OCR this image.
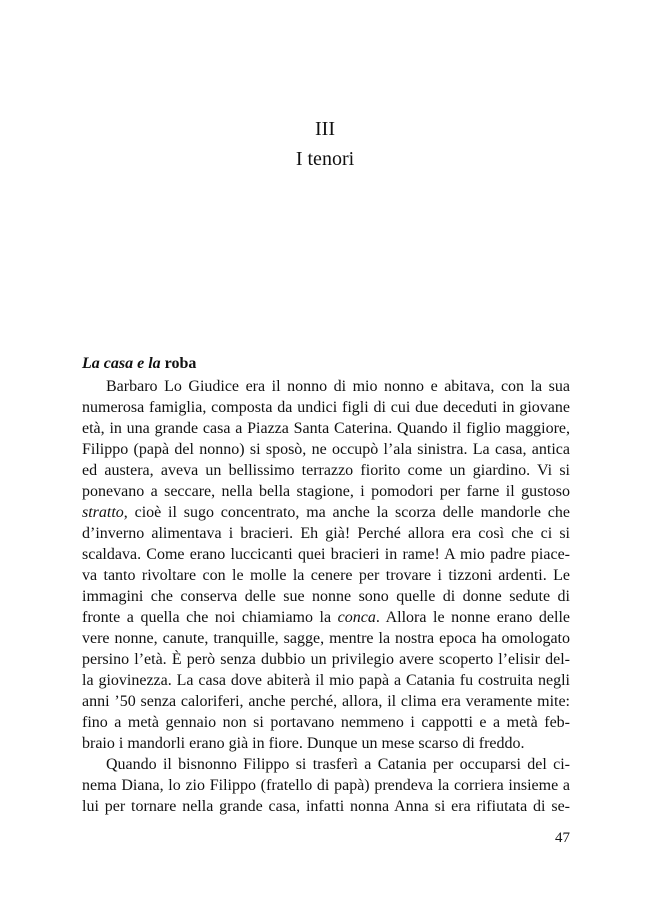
III
I tenori
La casa e la roba
Barbaro Lo Giudice era il nonno di mio nonno e abitava, con la sua
numerosa famiglia, composta da undici figli di cui due deceduti in giovane
età, in una grande casa a Piazza Santa Caterina. Quando il figlio maggiore,
Filippo (papà del nonno) si sposò, ne occupò l’ala sinistra. La casa, antica
ed austera, aveva un bellissimo terrazzo fiorito come un giardino. Vi si
ponevano a seccare, nella bella stagione, i pomodori per farne il gustoso
stratto, cioè il sugo concentrato, ma anche la scorza delle mandorle che
d’inverno alimentava i bracieri. Eh già! Perché allora era così che ci si
scaldava. Come erano luccicanti quei bracieri in rame! A mio padre piace-
va tanto rivoltare con le molle la cenere per trovare i tizzoni ardenti. Le
immagini che conserva delle sue nonne sono quelle di donne sedute di
fronte a quella che noi chiamiamo la conca. Allora le nonne erano delle
vere nonne, canute, tranquille, sagge, mentre la nostra epoca ha omologato
persino l’età. È però senza dubbio un privilegio avere scoperto l’elisir del-
la giovinezza. La casa dove abiterà il mio papà a Catania fu costruita negli
anni ’50 senza caloriferi, anche perché, allora, il clima era veramente mite:
fino a metà gennaio non si portavano nemmeno i cappotti e a metà feb-
braio i mandorli erano già in fiore. Dunque un mese scarso di freddo.
Quando il bisnonno Filippo si trasferì a Catania per occuparsi del ci-
nema Diana, lo zio Filippo (fratello di papà) prendeva la corriera insieme a
lui per tornare nella grande casa, infatti nonna Anna si era rifiutata di se-
47
